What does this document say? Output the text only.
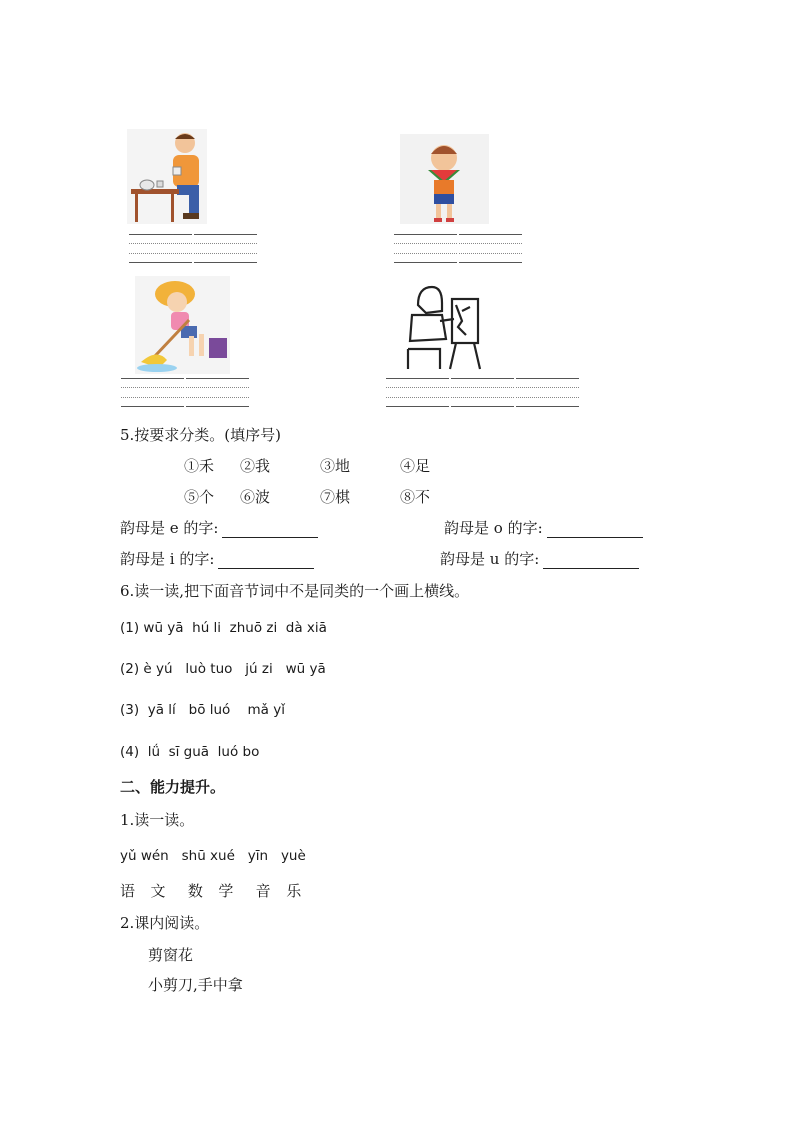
5.按要求分类。(填序号)
①禾 ②我	③地	④足
⑤个 ⑥波	⑦棋	⑧不
韵母是 e 的字:	韵母是 o 的字:
韵母是 i 的字:	韵母是 u 的字:
6.读一读,把下面音节词中不是同类的一个画上横线。
(1) wū yā  hú li  zhuō zi  dà xiā
(2) è yú   luò tuo   jú zi   wū yā
(3)  yā lí   bō luó    mǎ yǐ
(4)  lǘ  sī guā  luó bo
二、能力提升。
1.读一读。
yǔ wén   shū xué   yīn   yuè
语  文   数  学   音  乐
2.课内阅读。
剪窗花
小剪刀,手中拿
